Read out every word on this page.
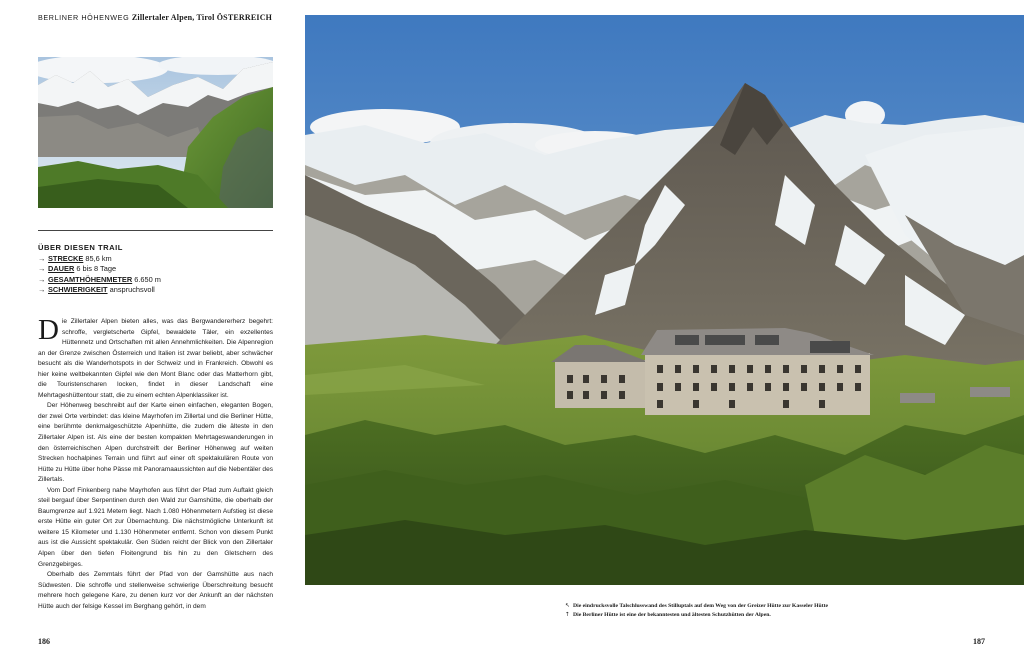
BERLINER HÖHENWEG Zillertaler Alpen, Tirol ÖSTERREICH
ÜBER DIESEN TRAIL
→ STRECKE 85,6 km
→ DAUER 6 bis 8 Tage
→ GESAMTHÖHENMETER 6.650 m
→ SCHWIERIGKEIT anspruchsvoll

Die Zillertaler Alpen bieten alles, was das Bergwandererherz begehrt: schroffe, vergletscherte Gipfel, bewaldete Täler, ein exzellentes Hüttennetz und Ortschaften mit allen Annehmlichkeiten. Die Alpenregion an der Grenze zwischen Österreich und Italien ist zwar beliebt, aber schwächer besucht als die Wanderhotspots in der Schweiz und in Frankreich. Obwohl es hier keine weltbekannten Gipfel wie den Mont Blanc oder das Matterhorn gibt, die Touristenscharen locken, findet in dieser Landschaft eine Mehrtageshüttentour statt, die zu einem echten Alpenklassiker ist.

Der Höhenweg beschreibt auf der Karte einen einfachen, eleganten Bogen, der zwei Orte verbindet: das kleine Mayrhofen im Zillertal und die Berliner Hütte, eine berühmte denkmalgeschützte Alpenhütte, die zudem die älteste in den Zillertaler Alpen ist. Als eine der besten kompakten Mehrtageswanderungen in den österreichischen Alpen durchstreift der Berliner Höhenweg auf weiten Strecken hochalpines Terrain und führt auf einer oft spektakulären Route von Hütte zu Hütte über hohe Pässe mit Panoramaaussichten auf die Nebentäler des Zillertals.

Vom Dorf Finkenberg nahe Mayrhofen aus führt der Pfad zum Auftakt gleich steil bergauf über Serpentinen durch den Wald zur Gamshütte, die oberhalb der Baumgrenze auf 1.921 Metern liegt. Nach 1.080 Höhenmetern Aufstieg ist diese erste Hütte ein guter Ort zur Übernachtung. Die nächstmögliche Unterkunft ist weitere 15 Kilometer und 1.130 Höhenmeter entfernt. Schon von diesem Punkt aus ist die Aussicht spektakulär. Gen Süden reicht der Blick von den Zillertaler Alpen über den tiefen Floitengrund bis hin zu den Gletschern des Grenzgebirges.

Oberhalb des Zemmtals führt der Pfad von der Gamshütte aus nach Südwesten. Die schroffe und stellenweise schwierige Überschreitung besucht mehrere hoch gelegene Kare, zu denen kurz vor der Ankunft an der nächsten Hütte auch der felsige Kessel im Berghang gehört, in dem

186
↖ Die eindrucksvolle Talschlusswand des Stilluptals auf dem Weg von der Greizer Hütte zur Kasseler Hütte
↑ Die Berliner Hütte ist eine der bekanntesten und ältesten Schutzhütten der Alpen.
187
